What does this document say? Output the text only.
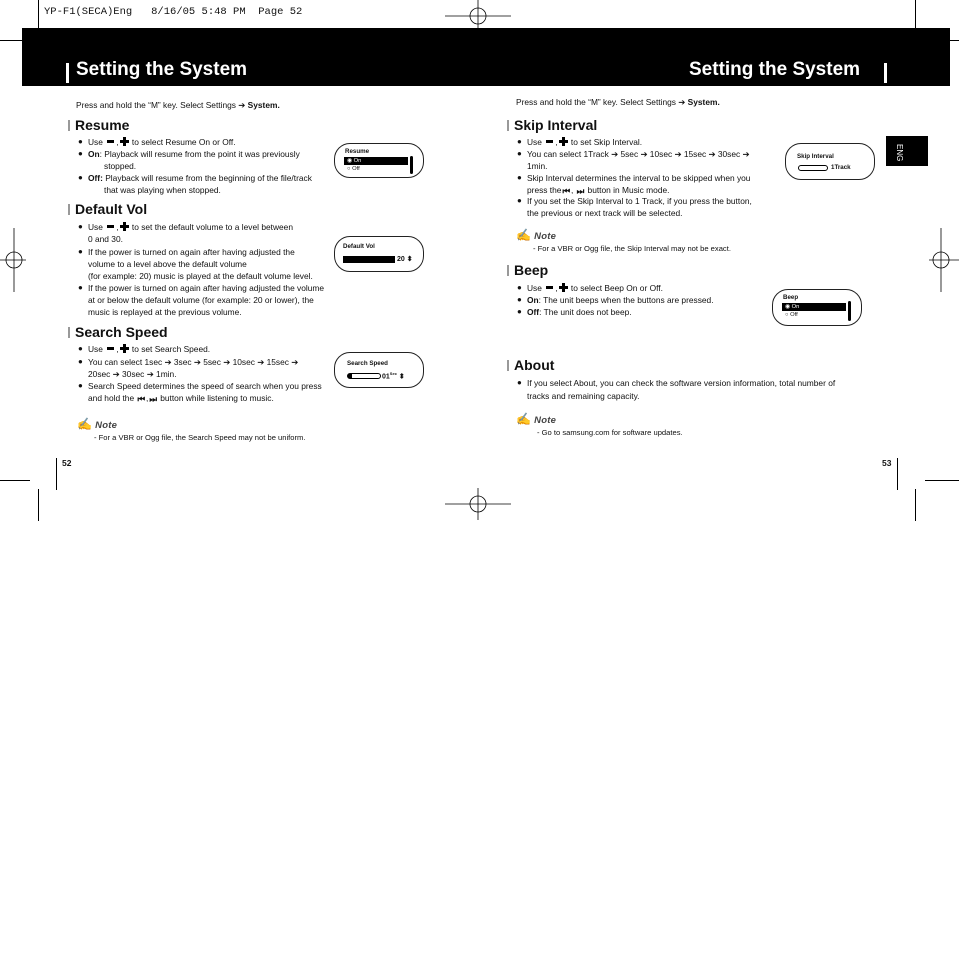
YP-F1(SECA)Eng   8/16/05 5:48 PM  Page 52
Setting the System	Setting the System
ENG
Press and hold the “M” key. Select Settings ➔ System.
Resume
● Use , to select Resume On or Off.
● On: Playback will resume from the point it was previously
stopped.
● Off: Playback will resume from the beginning of the file/track
that was playing when stopped.
Resume
◉ On
○ Off
Default Vol
● Use , to set the default volume to a level between
0 and 30.
● If the power is turned on again after having adjusted the
volume to a level above the default volume
(for example: 20) music is played at the default volume level.
● If the power is turned on again after having adjusted the volume
at or below the default volume (for example: 20 or lower), the
music is replayed at the previous volume.
Default Vol
20 ⬍
Search Speed
● Use , to set Search Speed.
● You can select 1sec ➔ 3sec ➔ 5sec ➔ 10sec ➔ 15sec ➔
20sec ➔ 30sec ➔ 1min.
● Search Speed determines the speed of search when you press
and hold the ⏮,⏭ button while listening to music.
Search Speed
$01^{Sec}$ ⬍
✍ Note
- For a VBR or Ogg file, the Search Speed may not be uniform.
52
Press and hold the “M” key. Select Settings ➔ System.
Skip Interval
● Use , to set Skip Interval.
● You can select 1Track ➔ 5sec ➔ 10sec ➔ 15sec ➔ 30sec ➔
1min.
● Skip Interval determines the interval to be skipped when you
press the⏮, ⏭ button in Music mode.
● If you set the Skip Interval to 1 Track, if you press the button,
the previous or next track will be selected.
Skip Interval
1Track
✍ Note
- For a VBR or Ogg file, the Skip Interval may not be exact.
Beep
● Use , to select Beep On or Off.
● On: The unit beeps when the buttons are pressed.
● Off: The unit does not beep.
Beep
◉ On
○ Off
About
● If you select About, you can check the software version information, total number of
tracks and remaining capacity.
✍ Note
- Go to samsung.com for software updates.
53
